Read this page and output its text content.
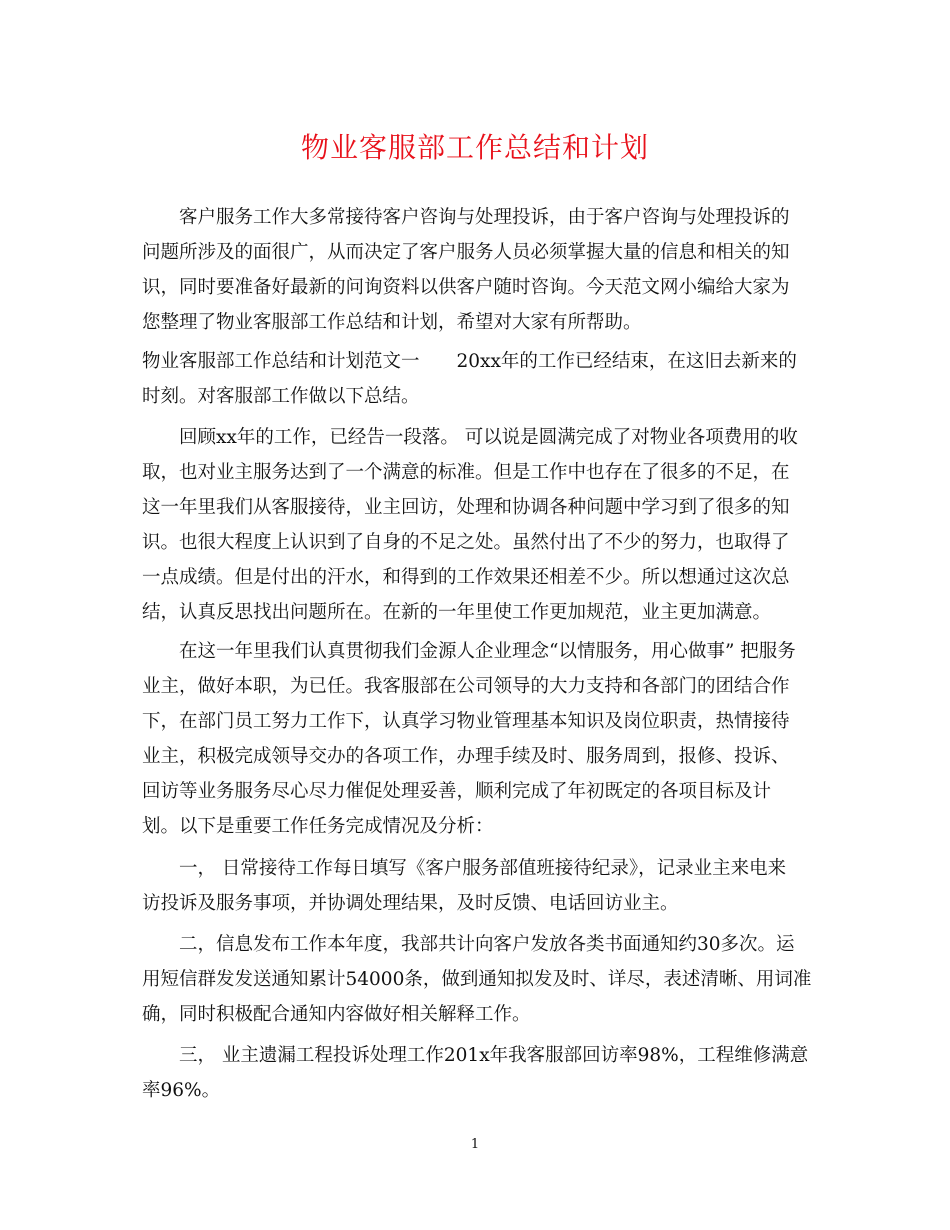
物业客服部工作总结和计划
　　客户服务工作大多常接待客户咨询与处理投诉，由于客户咨询与处理投诉的
问题所涉及的面很广，从而决定了客户服务人员必须掌握大量的信息和相关的知
识，同时要准备好最新的问询资料以供客户随时咨询。今天范文网小编给大家为
您整理了物业客服部工作总结和计划，希望对大家有所帮助。
物业客服部工作总结和计划范文一　　20xx年的工作已经结束，在这旧去新来的
时刻。对客服部工作做以下总结。
　　回顾xx年的工作，已经告一段落。 可以说是圆满完成了对物业各项费用的收
取，也对业主服务达到了一个满意的标准。但是工作中也存在了很多的不足，在
这一年里我们从客服接待，业主回访，处理和协调各种问题中学习到了很多的知
识。也很大程度上认识到了自身的不足之处。虽然付出了不少的努力，也取得了
一点成绩。但是付出的汗水，和得到的工作效果还相差不少。所以想通过这次总
结，认真反思找出问题所在。在新的一年里使工作更加规范，业主更加满意。
　　在这一年里我们认真贯彻我们金源人企业理念“以情服务，用心做事” 把服务
业主，做好本职，为已任。我客服部在公司领导的大力支持和各部门的团结合作
下，在部门员工努力工作下，认真学习物业管理基本知识及岗位职责，热情接待
业主，积极完成领导交办的各项工作，办理手续及时、服务周到，报修、投诉、
回访等业务服务尽心尽力催促处理妥善，顺利完成了年初既定的各项目标及计
划。以下是重要工作任务完成情况及分析：
　　一， 日常接待工作每日填写《客户服务部值班接待纪录》，记录业主来电来
访投诉及服务事项，并协调处理结果，及时反馈、电话回访业主。
　　二，信息发布工作本年度，我部共计向客户发放各类书面通知约30多次。运
用短信群发发送通知累计54000条，做到通知拟发及时、详尽，表述清晰、用词准
确，同时积极配合通知内容做好相关解释工作。
　　三， 业主遗漏工程投诉处理工作201x年我客服部回访率98%，工程维修满意
率96%。
1
